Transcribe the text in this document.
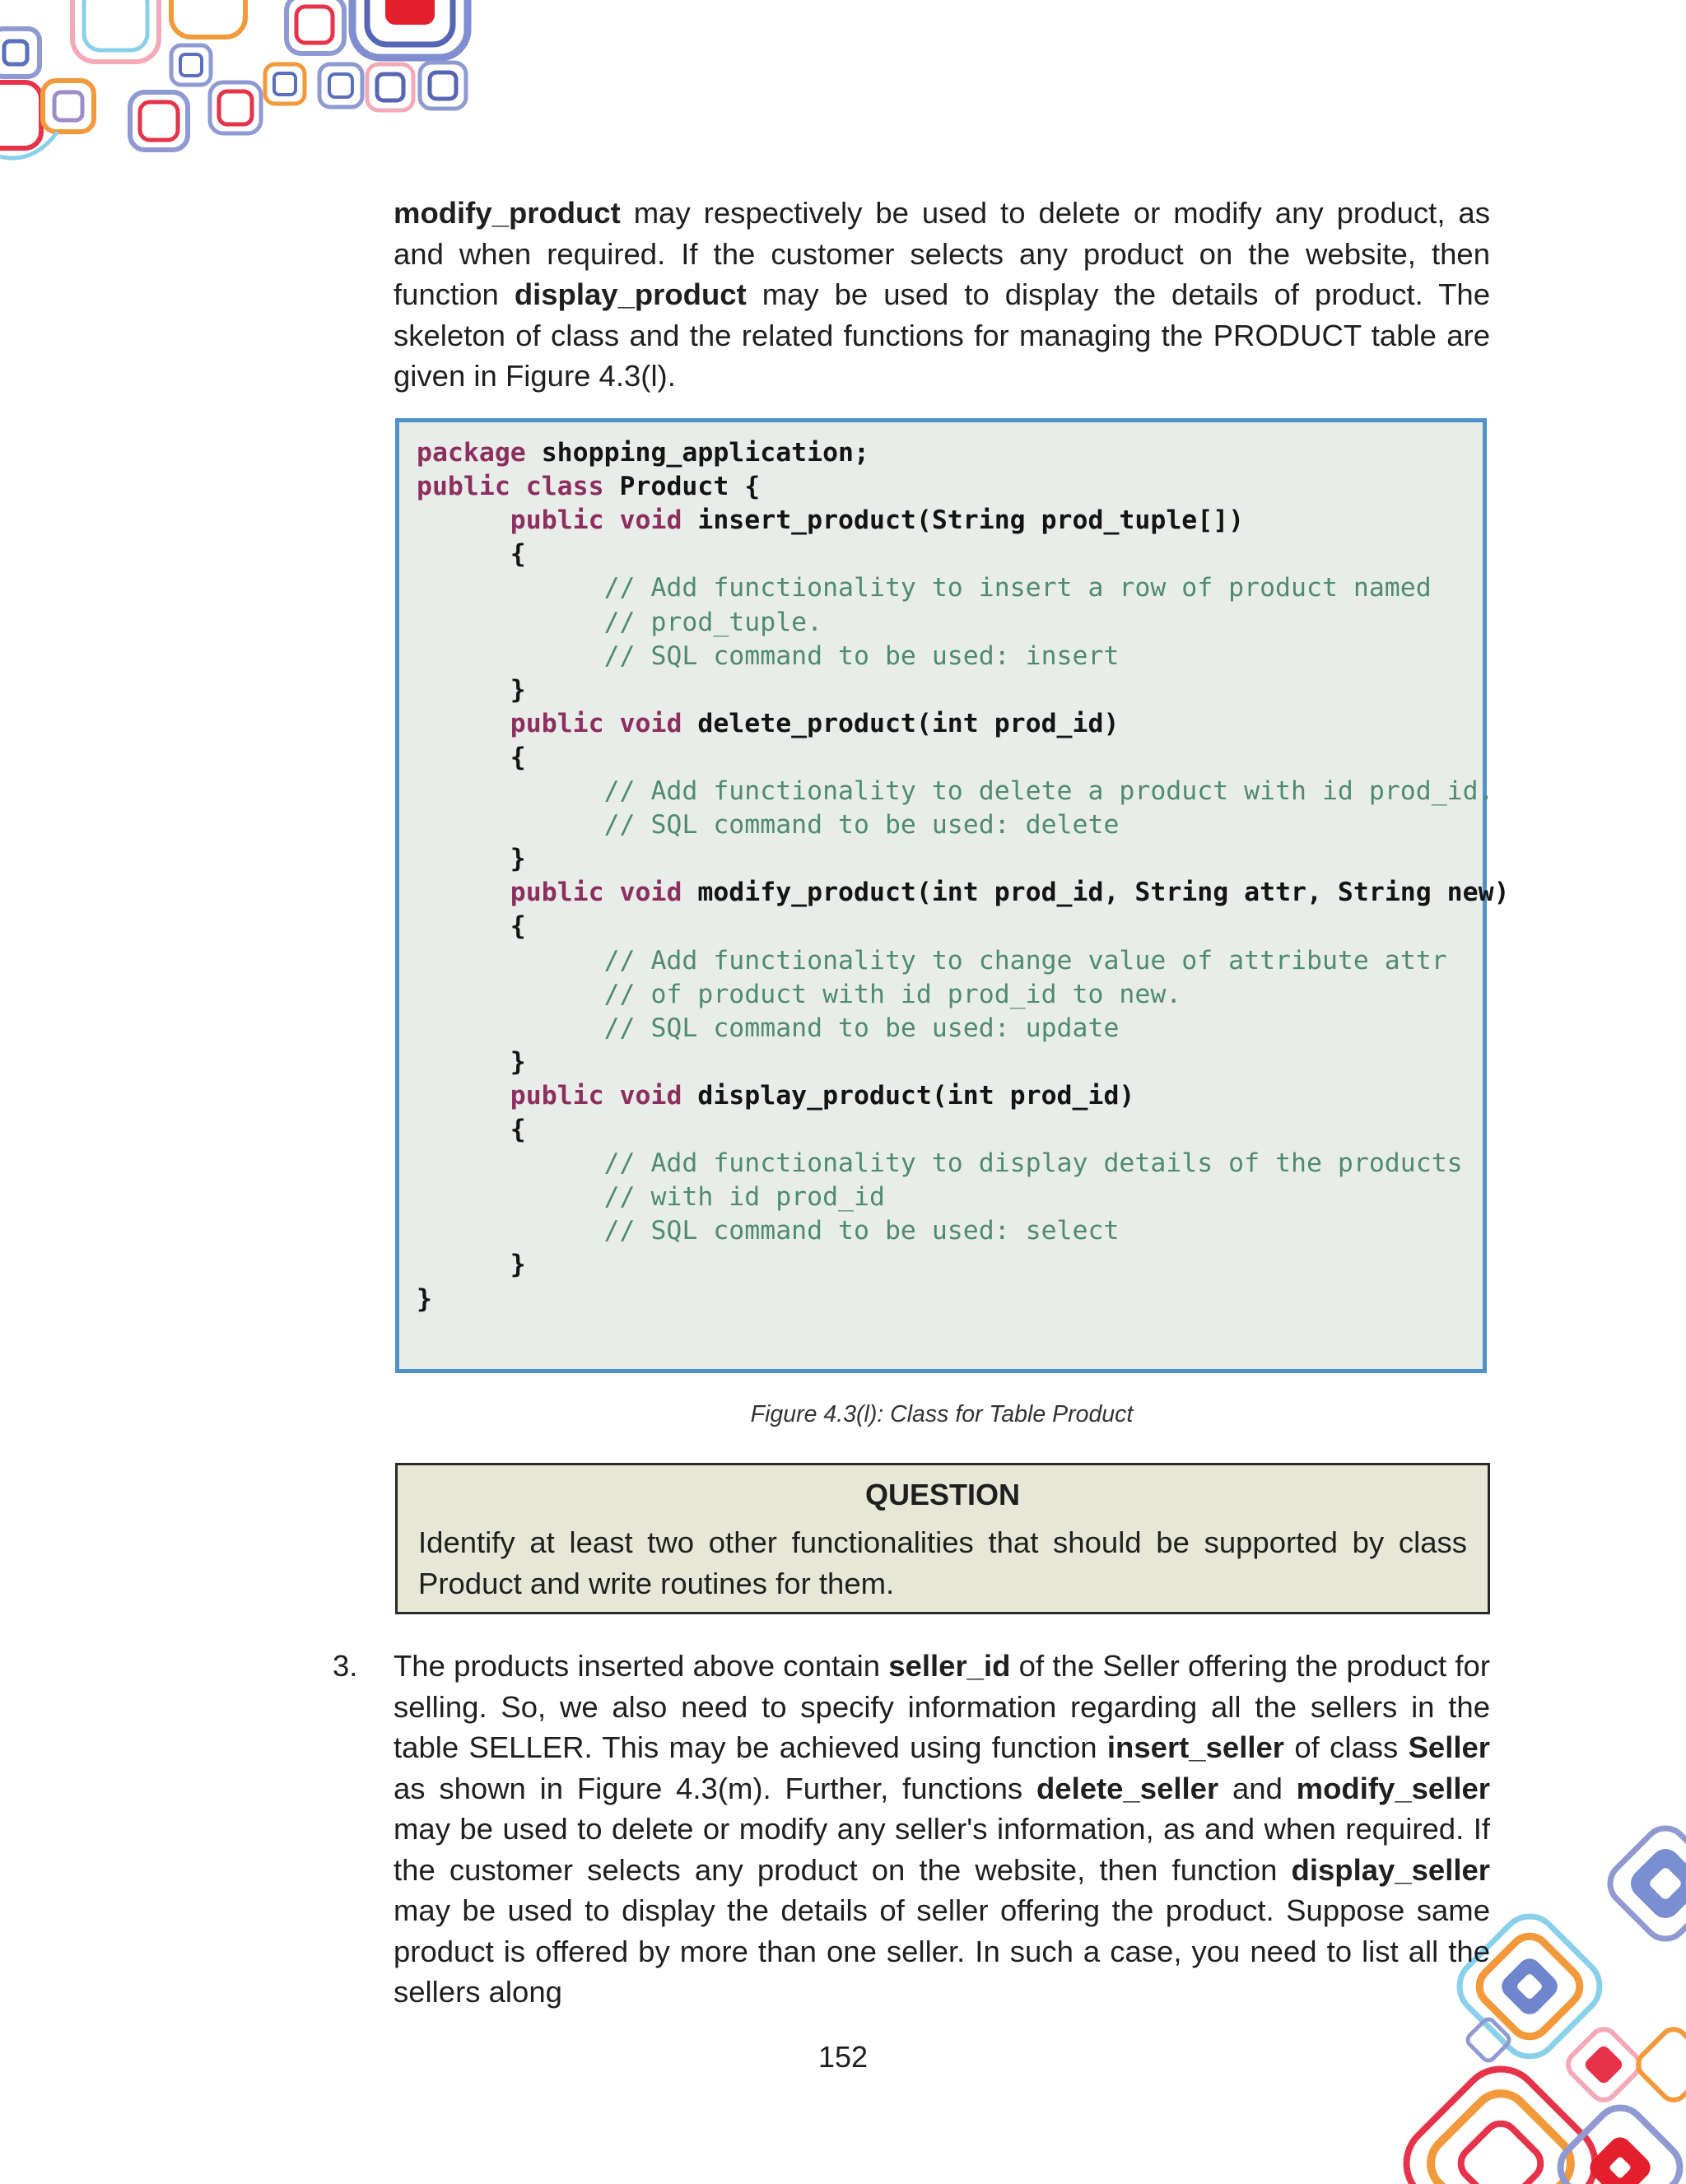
modify_product may respectively be used to delete or modify any product, as and when required. If the customer selects any product on the website, then function display_product may be used to display the details of product. The skeleton of class and the related functions for managing the PRODUCT table are given in Figure 4.3(l).

package shopping_application;
public class Product {
public void insert_product(String prod_tuple[])
{
// Add functionality to insert a row of product named
// prod_tuple.
// SQL command to be used: insert
}
public void delete_product(int prod_id)
{
// Add functionality to delete a product with id prod_id.
// SQL command to be used: delete
}
public void modify_product(int prod_id, String attr, String new)
{
// Add functionality to change value of attribute attr
// of product with id prod_id to new.
// SQL command to be used: update
}
public void display_product(int prod_id)
{
// Add functionality to display details of the products
// with id prod_id
// SQL command to be used: select
}
}
Figure 4.3(l): Class for Table Product
QUESTION

Identify at least two other functionalities that should be supported by class Product and write routines for them.

3. The products inserted above contain seller_id of the Seller offering the product for selling. So, we also need to specify information regarding all the sellers in the table SELLER. This may be achieved using function insert_seller of class Seller as shown in Figure 4.3(m). Further, functions delete_seller and modify_seller may be used to delete or modify any seller's information, as and when required. If the customer selects any product on the website, then function display_seller may be used to display the details of seller offering the product. Suppose same product is offered by more than one seller. In such a case, you need to list all the sellers along

152
